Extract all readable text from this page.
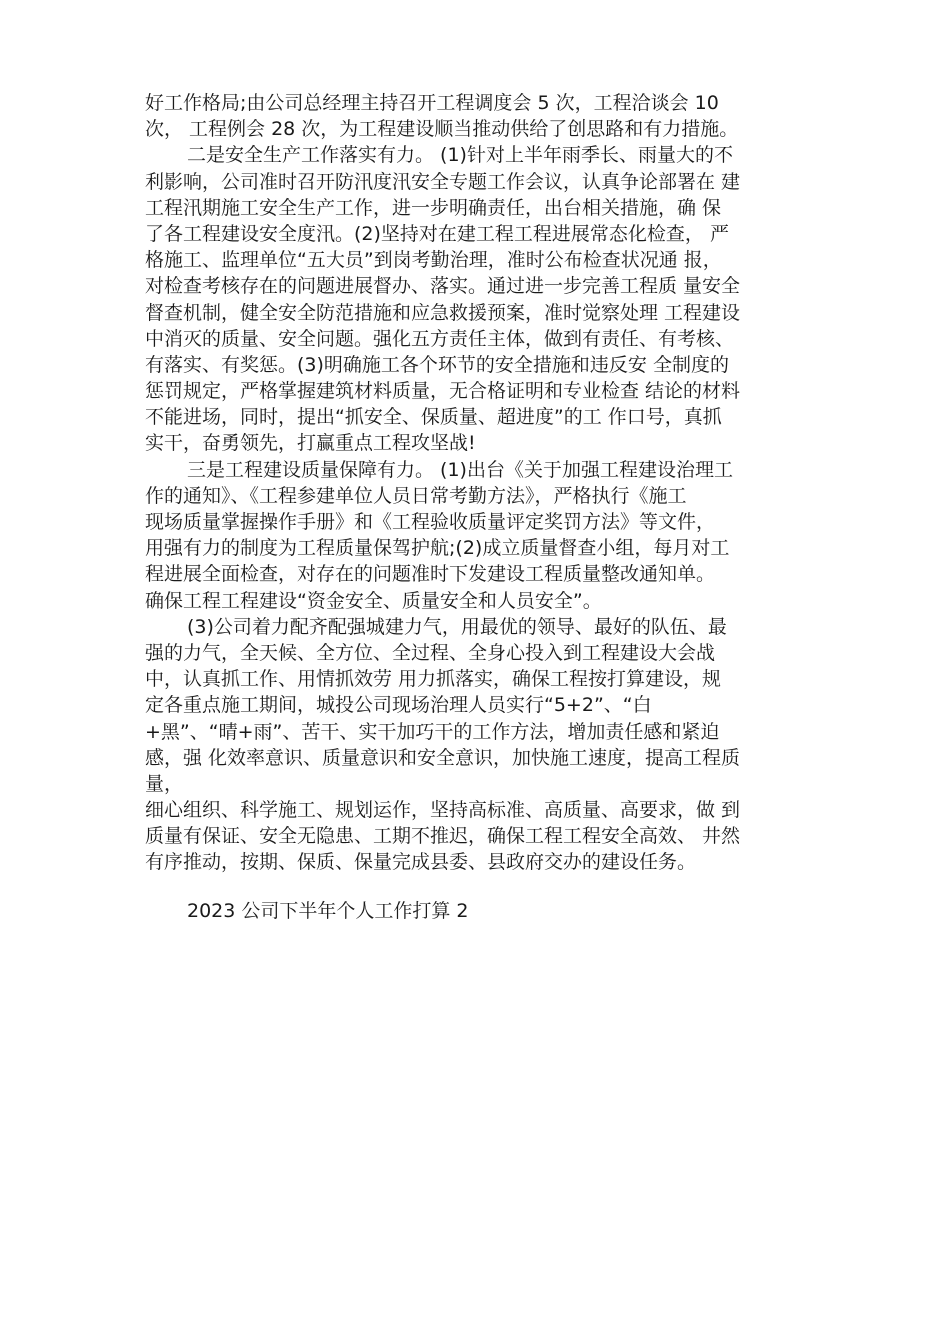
好工作格局;由公司总经理主持召开工程调度会 5 次，工程洽谈会 10
次， 工程例会 28 次，为工程建设顺当推动供给了创思路和有力措施。
二是安全生产工作落实有力。 (1)针对上半年雨季长、雨量大的不
利影响，公司准时召开防汛度汛安全专题工作会议，认真争论部署在 建
工程汛期施工安全生产工作，进一步明确责任，出台相关措施，确 保
了各工程建设安全度汛。(2)坚持对在建工程工程进展常态化检查， 严
格施工、监理单位“五大员”到岗考勤治理，准时公布检查状况通 报，
对检查考核存在的问题进展督办、落实。通过进一步完善工程质 量安全
督查机制，健全安全防范措施和应急救援预案，准时觉察处理 工程建设
中消灭的质量、安全问题。强化五方责任主体，做到有责任、有考核、
有落实、有奖惩。(3)明确施工各个环节的安全措施和违反安 全制度的
惩罚规定，严格掌握建筑材料质量，无合格证明和专业检查 结论的材料
不能进场，同时，提出“抓安全、保质量、超进度”的工 作口号，真抓
实干，奋勇领先，打赢重点工程攻坚战!
三是工程建设质量保障有力。 (1)出台《关于加强工程建设治理工
作的通知》、《工程参建单位人员日常考勤方法》，严格执行《施工
现场质量掌握操作手册》和《工程验收质量评定奖罚方法》等文件，
用强有力的制度为工程质量保驾护航;(2)成立质量督查小组，每月对工
程进展全面检查，对存在的问题准时下发建设工程质量整改通知单。
确保工程工程建设“资金安全、质量安全和人员安全”。
(3)公司着力配齐配强城建力气，用最优的领导、最好的队伍、最
强的力气，全天候、全方位、全过程、全身心投入到工程建设大会战
中，认真抓工作、用情抓效劳 用力抓落实，确保工程按打算建设，规
定各重点施工期间，城投公司现场治理人员实行“5+2”、“白
+黑”、“晴+雨”、苦干、实干加巧干的工作方法，增加责任感和紧迫
感，强 化效率意识、质量意识和安全意识，加快施工速度，提高工程质
量，
细心组织、科学施工、规划运作，坚持高标准、高质量、高要求，做 到
质量有保证、安全无隐患、工期不推迟，确保工程工程安全高效、 井然
有序推动，按期、保质、保量完成县委、县政府交办的建设任务。
2023 公司下半年个人工作打算 2
